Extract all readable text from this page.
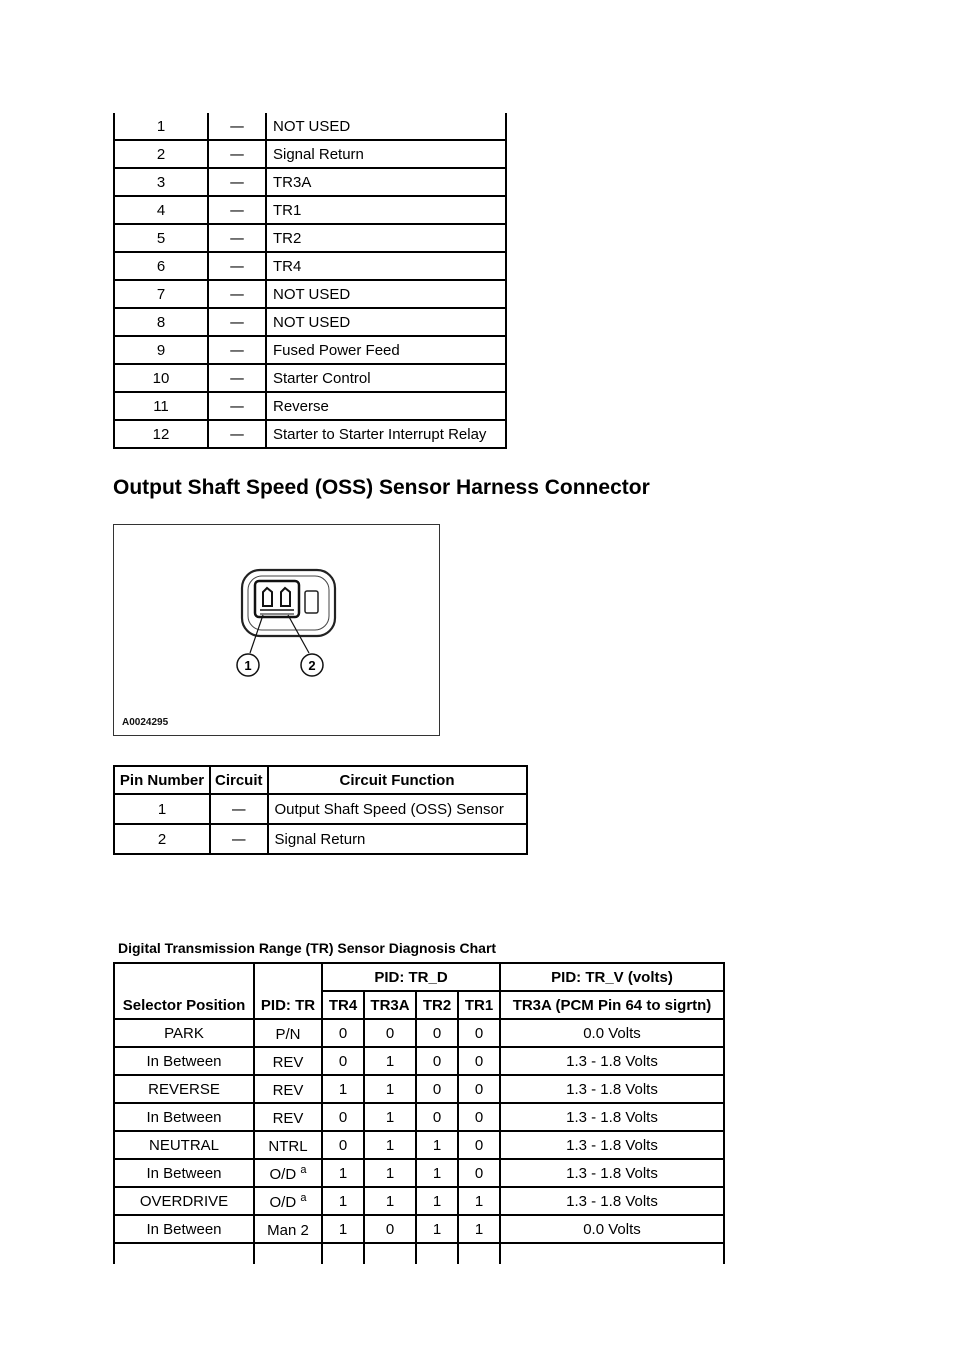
1	—	NOT USED
2	—	Signal Return
3	—	TR3A
4	—	TR1
5	—	TR2
6	—	TR4
7	—	NOT USED
8	—	NOT USED
9	—	Fused Power Feed
10	—	Starter Control
11	—	Reverse
12	—	Starter to Starter Interrupt Relay
Output Shaft Speed (OSS) Sensor Harness Connector
1	2
A0024295
Pin Number	Circuit	Circuit Function
1	—	Output Shaft Speed (OSS) Sensor
2	—	Signal Return
Digital Transmission Range (TR) Sensor Diagnosis Chart
Selector Position	PID: TR	PID: TR_D				PID: TR_V (volts)
		TR4	TR3A	TR2	TR1	TR3A (PCM Pin 64 to sigrtn)
PARK	P/N	0	0	0	0	0.0 Volts
In Between	REV	0	1	0	0	1.3 - 1.8 Volts
REVERSE	REV	1	1	0	0	1.3 - 1.8 Volts
In Between	REV	0	1	0	0	1.3 - 1.8 Volts
NEUTRAL	NTRL	0	1	1	0	1.3 - 1.8 Volts
In Between	O/D $^a$	1	1	1	0	1.3 - 1.8 Volts
OVERDRIVE	O/D $^a$	1	1	1	1	1.3 - 1.8 Volts
In Between	Man 2	1	0	1	1	0.0 Volts
